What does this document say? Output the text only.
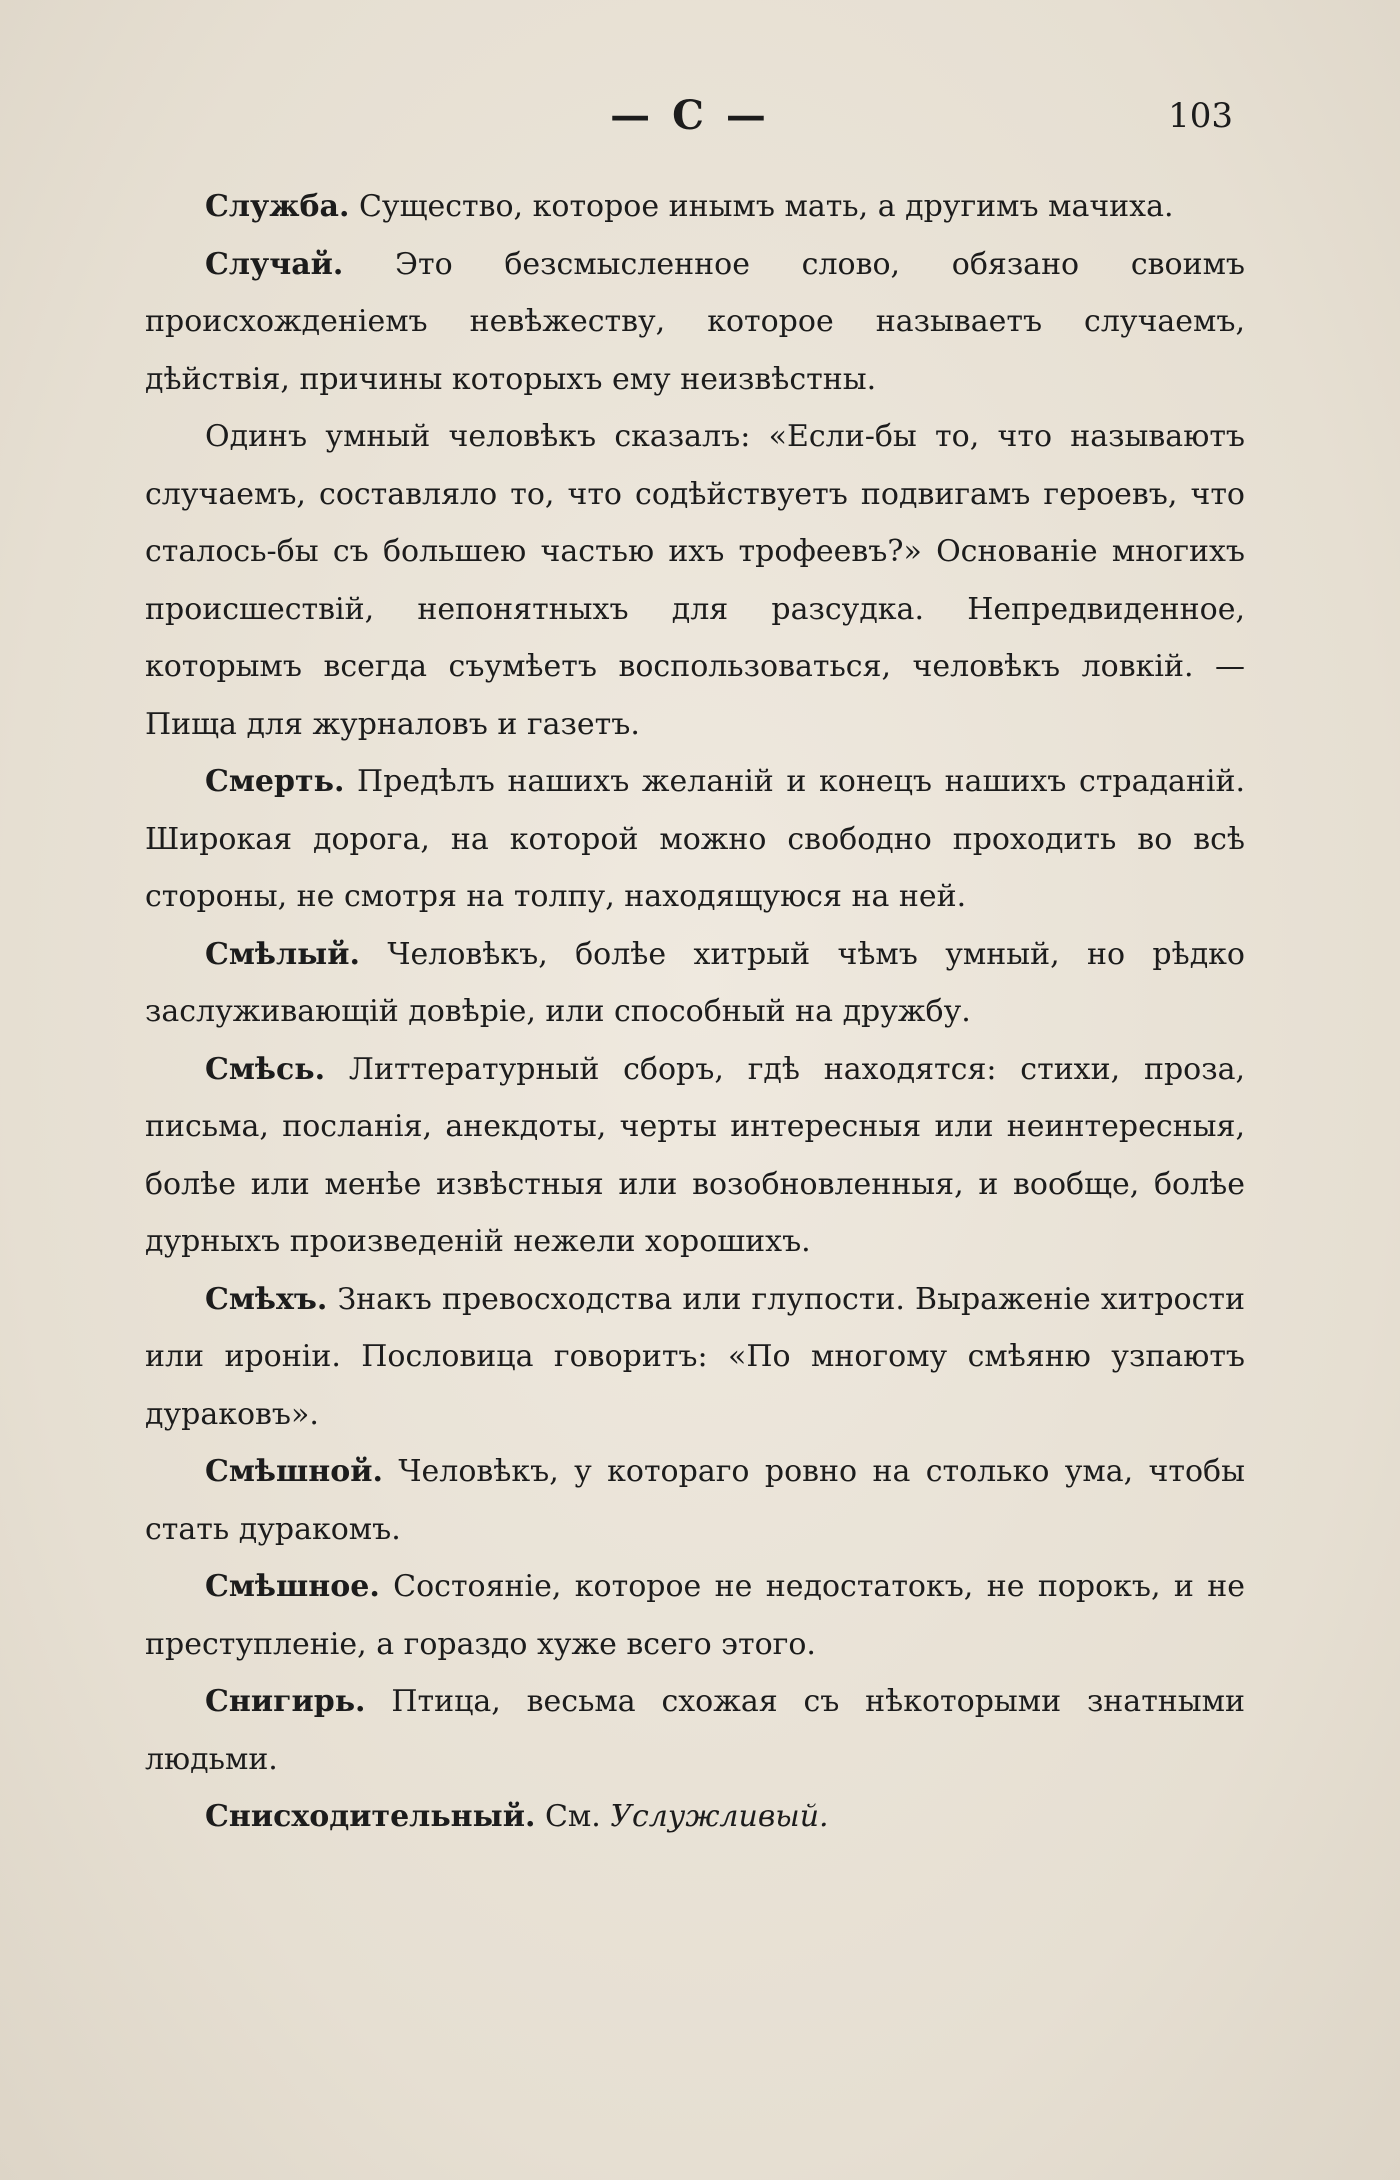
— С —	103

Служба. Существо, которое инымъ мать, а другимъ мачиха.

Случай. Это безсмысленное слово, обязано своимъ происхожденіемъ невѣжеству, которое называетъ случаемъ, дѣйствія, причины которыхъ ему неизвѣстны.

Одинъ умный человѣкъ сказалъ: «Если-бы то, что называютъ случаемъ, составляло то, что содѣйствуетъ подвигамъ героевъ, что сталось-бы съ большею частью ихъ трофеевъ?» Основаніе многихъ происшествій, непонятныхъ для разсудка. Непредвиденное, которымъ всегда съумѣетъ воспользоваться, человѣкъ ловкій. — Пища для журналовъ и газетъ.

Смерть. Предѣлъ нашихъ желаній и конецъ нашихъ страданій. Широкая дорога, на которой можно свободно проходить во всѣ стороны, не смотря на толпу, находящуюся на ней.

Смѣлый. Человѣкъ, болѣе хитрый чѣмъ умный, но рѣдко заслуживающій довѣріе, или способный на дружбу.

Смѣсь. Литтературный сборъ, гдѣ находятся: стихи, проза, письма, посланія, анекдоты, черты интересныя или неинтересныя, болѣе или менѣе извѣстныя или возобновленныя, и вообще, болѣе дурныхъ произведеній нежели хорошихъ.

Смѣхъ. Знакъ превосходства или глупости. Выраженіе хитрости или ироніи. Пословица говоритъ: «По многому смѣяню узпаютъ дураковъ».

Смѣшной. Человѣкъ, у котораго ровно на столько ума, чтобы стать дуракомъ.

Смѣшное. Состояніе, которое не недостатокъ, не порокъ, и не преступленіе, а гораздо хуже всего этого.

Снигирь. Птица, весьма схожая съ нѣкоторыми знатными людьми.

Снисходительный. См. Услужливый.
